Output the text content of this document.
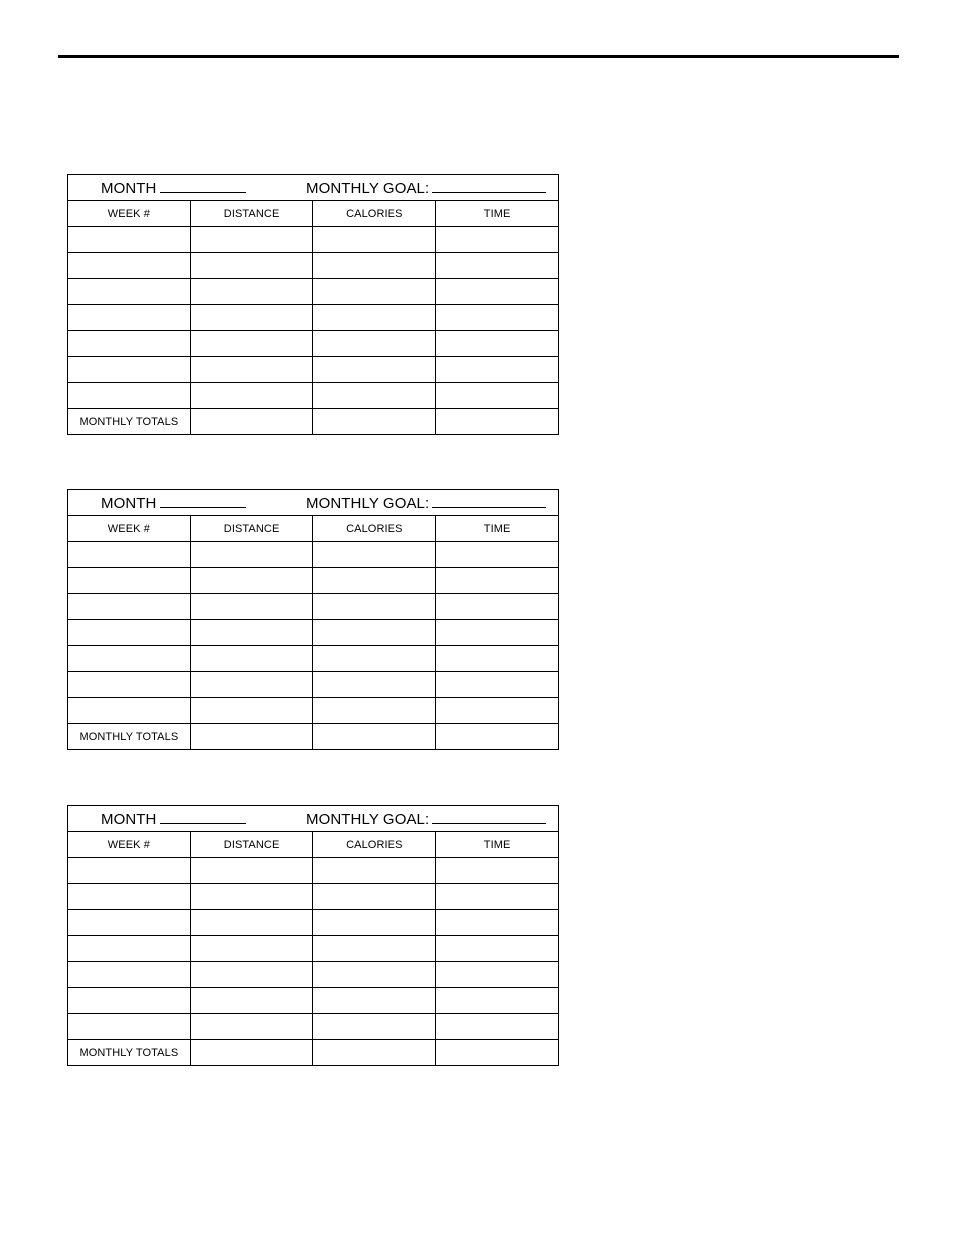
MONTH MONTHLY GOAL:			

WEEK #	DISTANCE	CALORIES	TIME

MONTHLY TOTALS			
MONTH MONTHLY GOAL:			

WEEK #	DISTANCE	CALORIES	TIME

MONTHLY TOTALS			
MONTH MONTHLY GOAL:			

WEEK #	DISTANCE	CALORIES	TIME

MONTHLY TOTALS			
